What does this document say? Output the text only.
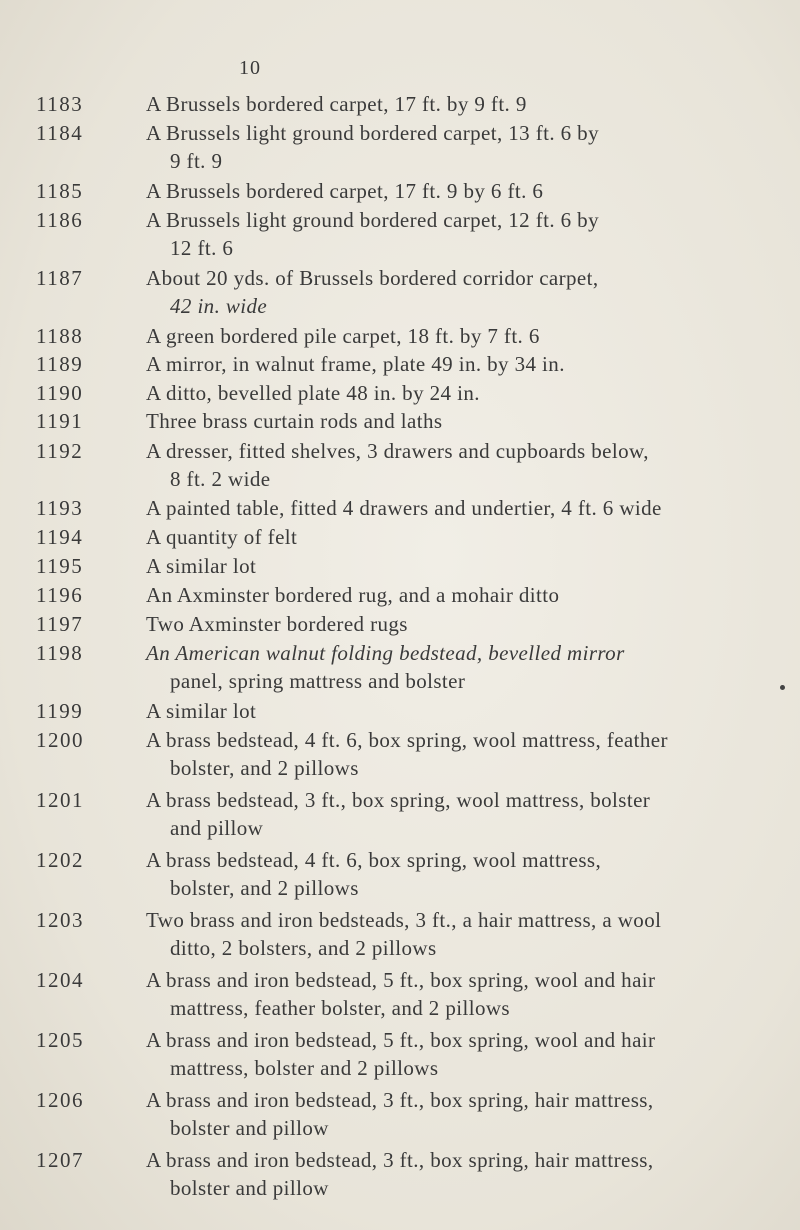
10
1183	A Brussels bordered carpet, 17 ft. by 9 ft. 9
1184	A Brussels light ground bordered carpet, 13 ft. 6 by
9 ft. 9
1185	A Brussels bordered carpet, 17 ft. 9 by 6 ft. 6
1186	A Brussels light ground bordered carpet, 12 ft. 6 by
12 ft. 6
1187	About 20 yds. of Brussels bordered corridor carpet,
42 in. wide
1188	A green bordered pile carpet, 18 ft. by 7 ft. 6
1189	A mirror, in walnut frame, plate 49 in. by 34 in.
1190	A ditto, bevelled plate 48 in. by 24 in.
1191	Three brass curtain rods and laths
1192	A dresser, fitted shelves, 3 drawers and cupboards below,
8 ft. 2 wide
1193	A painted table, fitted 4 drawers and undertier, 4 ft. 6 wide
1194	A quantity of felt
1195	A similar lot
1196	An Axminster bordered rug, and a mohair ditto
1197	Two Axminster bordered rugs
1198	An American walnut folding bedstead, bevelled mirror
panel, spring mattress and bolster
1199	A similar lot
1200	A brass bedstead, 4 ft. 6, box spring, wool mattress, feather
bolster, and 2 pillows
1201	A brass bedstead, 3 ft., box spring, wool mattress, bolster
and pillow
1202	A brass bedstead, 4 ft. 6, box spring, wool mattress,
bolster, and 2 pillows
1203	Two brass and iron bedsteads, 3 ft., a hair mattress, a wool
ditto, 2 bolsters, and 2 pillows
1204	A brass and iron bedstead, 5 ft., box spring, wool and hair
mattress, feather bolster, and 2 pillows
1205	A brass and iron bedstead, 5 ft., box spring, wool and hair
mattress, bolster and 2 pillows
1206	A brass and iron bedstead, 3 ft., box spring, hair mattress,
bolster and pillow
1207	A brass and iron bedstead, 3 ft., box spring, hair mattress,
bolster and pillow
